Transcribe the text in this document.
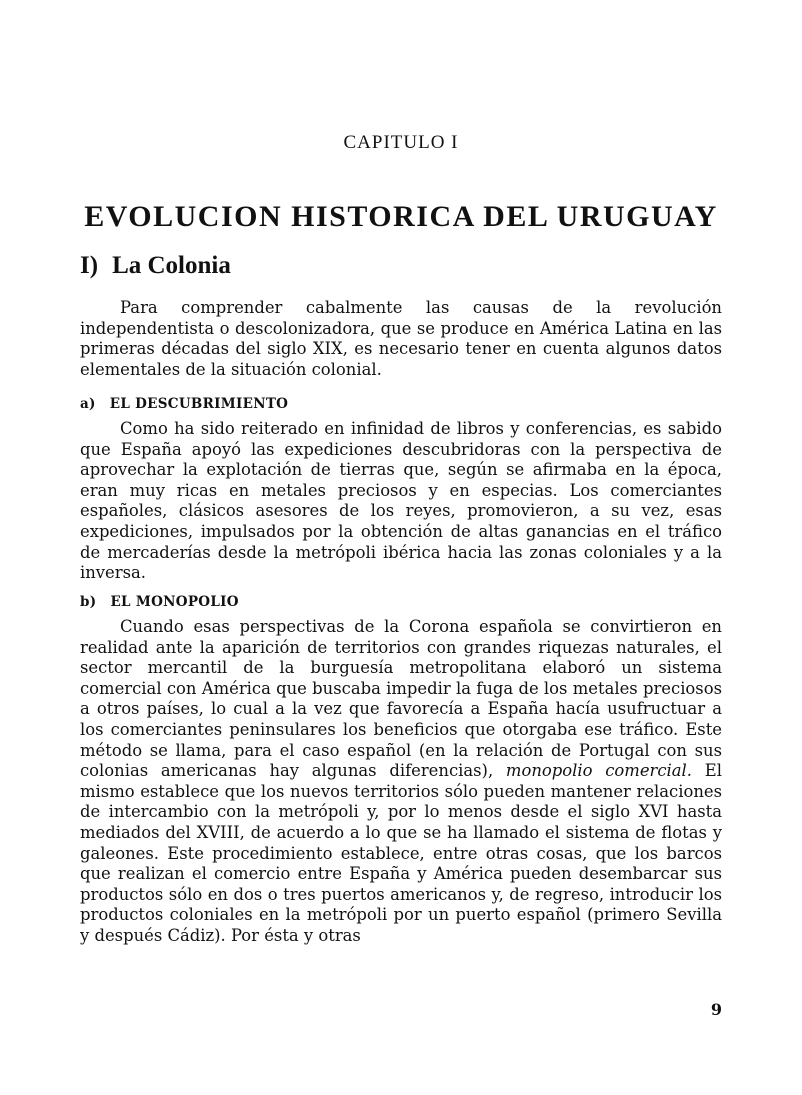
CAPITULO I
EVOLUCION HISTORICA DEL URUGUAY
I) La Colonia

Para comprender cabalmente las causas de la revolución independentista o descolonizadora, que se produce en América Latina en las primeras décadas del siglo XIX, es necesario tener en cuenta algunos datos elementales de la situación colonial.

a) EL DESCUBRIMIENTO

Como ha sido reiterado en infinidad de libros y conferencias, es sabido que España apoyó las expediciones descubridoras con la perspectiva de aprovechar la explotación de tierras que, según se afirmaba en la época, eran muy ricas en metales preciosos y en especias. Los comerciantes españoles, clásicos asesores de los reyes, promovieron, a su vez, esas expediciones, impulsados por la obtención de altas ganancias en el tráfico de mercaderías desde la metrópoli ibérica hacia las zonas coloniales y a la inversa.

b) EL MONOPOLIO

Cuando esas perspectivas de la Corona española se convirtieron en realidad ante la aparición de territorios con grandes riquezas naturales, el sector mercantil de la burguesía metropolitana elaboró un sistema comercial con América que buscaba impedir la fuga de los metales preciosos a otros países, lo cual a la vez que favorecía a España hacía usufructuar a los comerciantes peninsulares los beneficios que otorgaba ese tráfico. Este método se llama, para el caso español (en la relación de Portugal con sus colonias americanas hay algunas diferencias), monopolio comercial. El mismo establece que los nuevos territorios sólo pueden mantener relaciones de intercambio con la metrópoli y, por lo menos desde el siglo XVI hasta mediados del XVIII, de acuerdo a lo que se ha llamado el sistema de flotas y galeones. Este procedimiento establece, entre otras cosas, que los barcos que realizan el comercio entre España y América pueden desembarcar sus productos sólo en dos o tres puertos americanos y, de regreso, introducir los productos coloniales en la metrópoli por un puerto español (primero Sevilla y después Cádiz). Por ésta y otras

9
